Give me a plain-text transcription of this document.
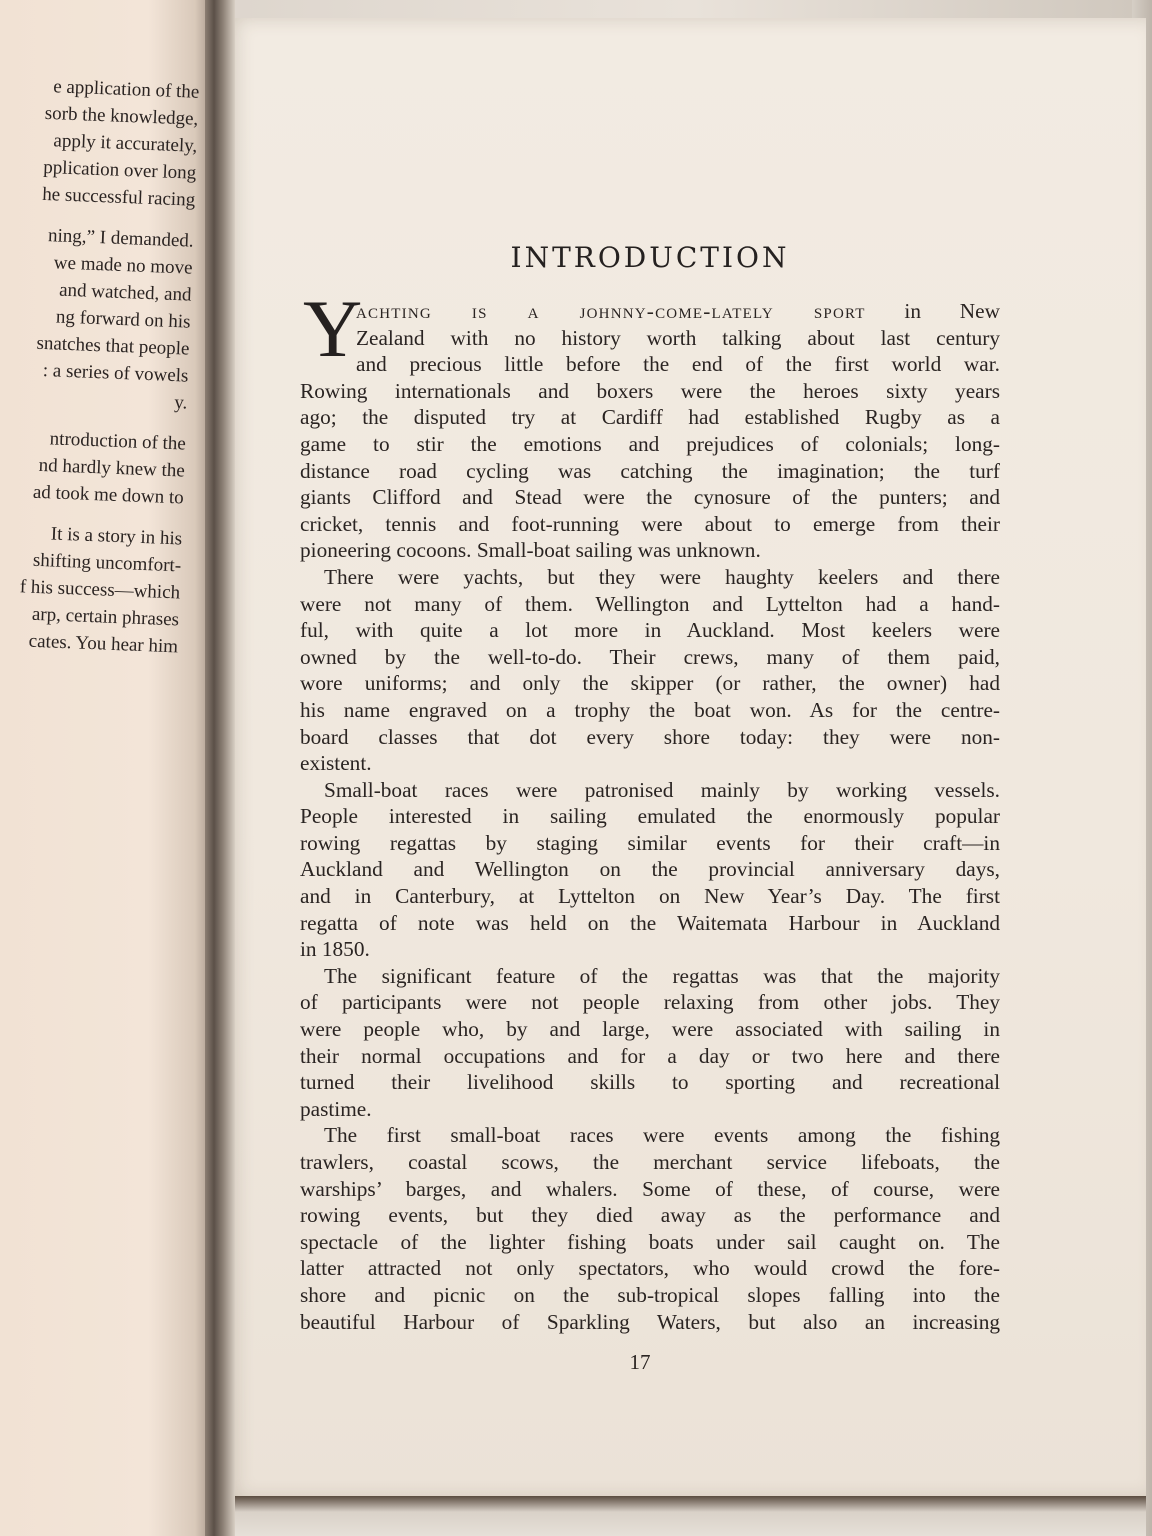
e application of the
sorb the knowledge,
apply it accurately,
pplication over long
he successful racing
ning,” I demanded.
we made no move
and watched, and
ng forward on his
snatches that people
: a series of vowels
y.
ntroduction of the
nd hardly knew the
ad took me down to
It is a story in his
shifting uncomfort-
f his success—which
arp, certain phrases
cates. You hear him
INTRODUCTION
Y
achting is a johnny-come-lately sport in New
Zealand with no history worth talking about last century
and precious little before the end of the first world war.
Rowing internationals and boxers were the heroes sixty years
ago; the disputed try at Cardiff had established Rugby as a
game to stir the emotions and prejudices of colonials; long-
distance road cycling was catching the imagination; the turf
giants Clifford and Stead were the cynosure of the punters; and
cricket, tennis and foot-running were about to emerge from their
pioneering cocoons. Small-boat sailing was unknown.
There were yachts, but they were haughty keelers and there
were not many of them. Wellington and Lyttelton had a hand-
ful, with quite a lot more in Auckland. Most keelers were
owned by the well-to-do. Their crews, many of them paid,
wore uniforms; and only the skipper (or rather, the owner) had
his name engraved on a trophy the boat won. As for the centre-
board classes that dot every shore today: they were non-
existent.
Small-boat races were patronised mainly by working vessels.
People interested in sailing emulated the enormously popular
rowing regattas by staging similar events for their craft—in
Auckland and Wellington on the provincial anniversary days,
and in Canterbury, at Lyttelton on New Year’s Day. The first
regatta of note was held on the Waitemata Harbour in Auckland
in 1850.
The significant feature of the regattas was that the majority
of participants were not people relaxing from other jobs. They
were people who, by and large, were associated with sailing in
their normal occupations and for a day or two here and there
turned their livelihood skills to sporting and recreational
pastime.
The first small-boat races were events among the fishing
trawlers, coastal scows, the merchant service lifeboats, the
warships’ barges, and whalers. Some of these, of course, were
rowing events, but they died away as the performance and
spectacle of the lighter fishing boats under sail caught on. The
latter attracted not only spectators, who would crowd the fore-
shore and picnic on the sub-tropical slopes falling into the
beautiful Harbour of Sparkling Waters, but also an increasing
17
